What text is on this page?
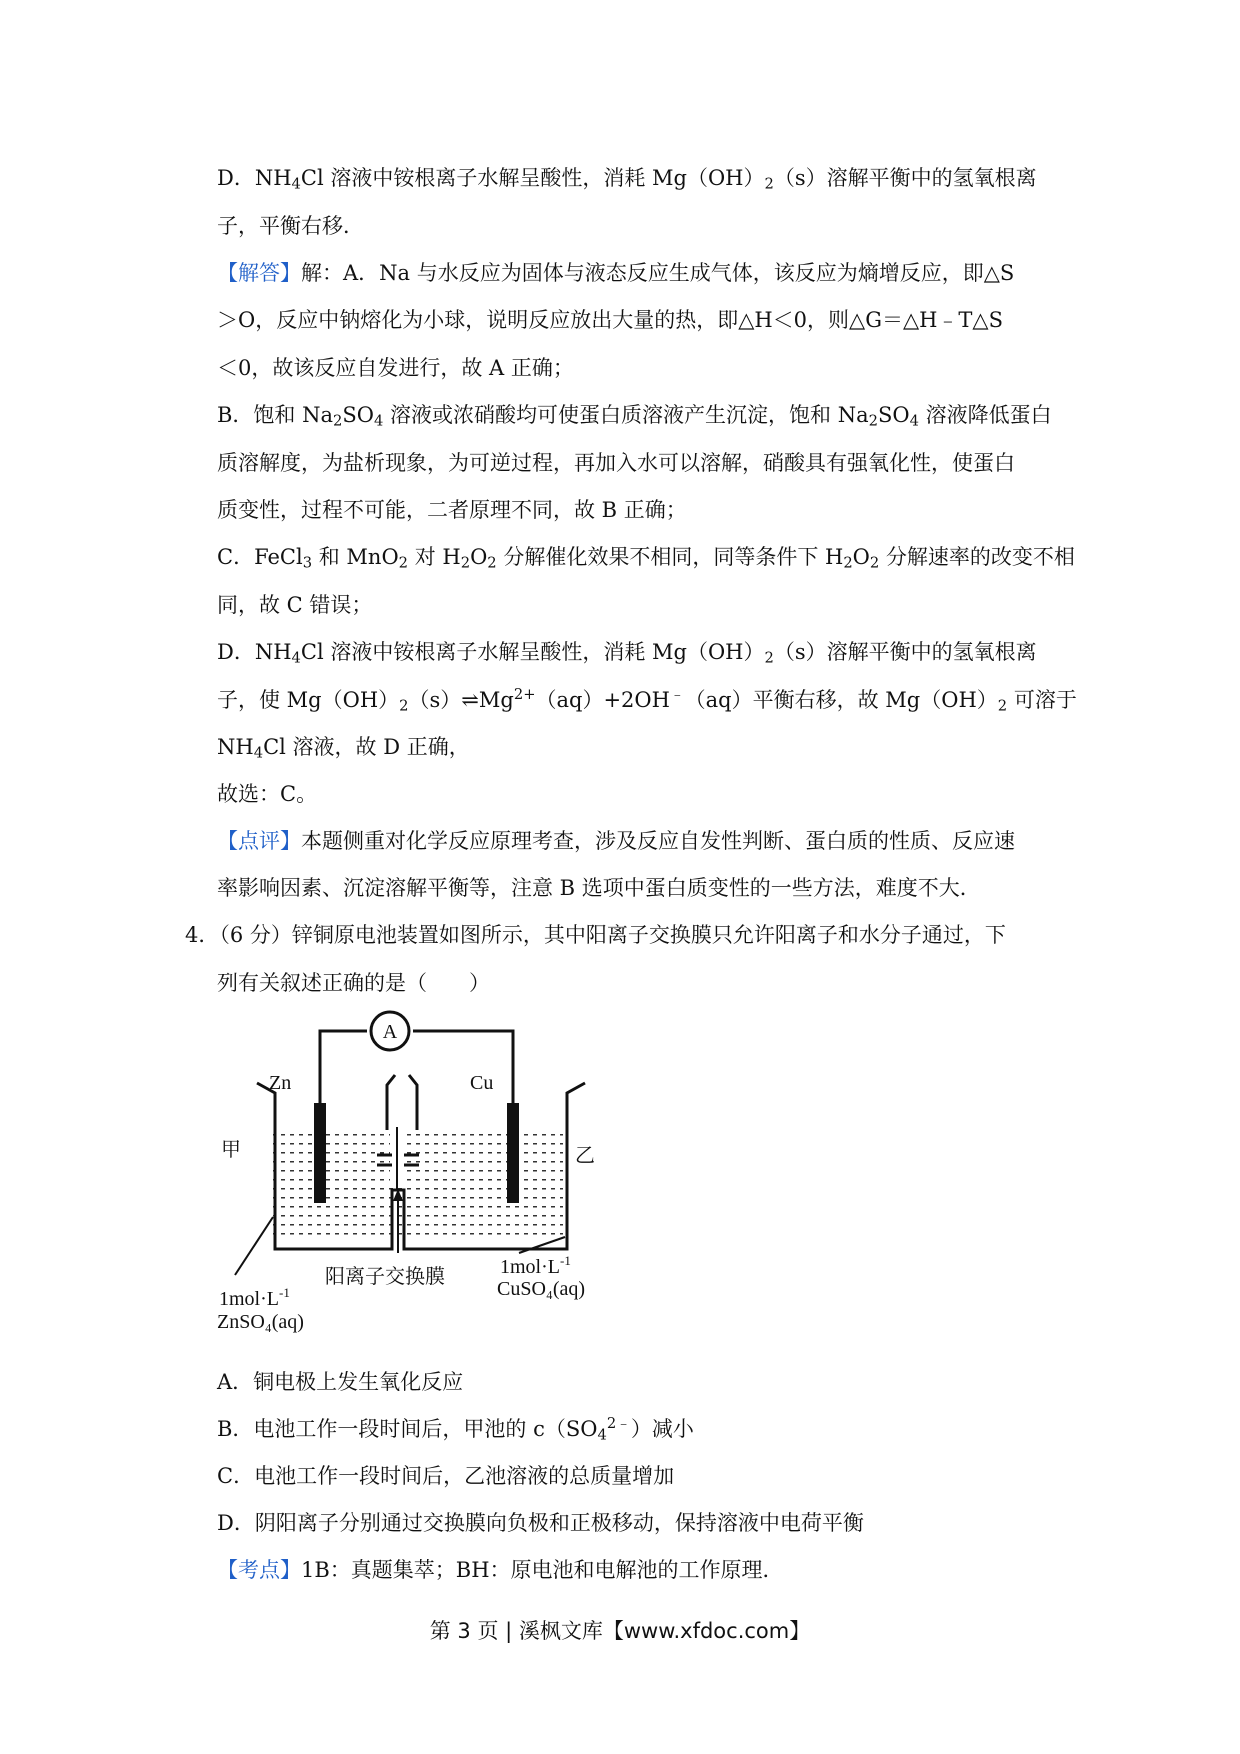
D．$NH_4Cl$ 溶液中铵根离子水解呈酸性，消耗 $Mg(OH)_2(s)$溶解平衡中的氢氧根离
子，平衡右移．
【解答】解：A．Na 与水反应为固体与液态反应生成气体，该反应为熵增反应，即△S
＞O，反应中钠熔化为小球，说明反应放出大量的热，即△H＜0，则△G＝△H﹣T△S
＜0，故该反应自发进行，故 A 正确；
B．饱和 $Na_2SO_4$ 溶液或浓硝酸均可使蛋白质溶液产生沉淀，饱和 $Na_2SO_4$ 溶液降低蛋白
质溶解度，为盐析现象，为可逆过程，再加入水可以溶解，硝酸具有强氧化性，使蛋白
质变性，过程不可能，二者原理不同，故 B 正确；
C．FeCl$_3$ 和 MnO$_2$ 对 $H_2O_2$ 分解催化效果不相同，同等条件下 $H_2O_2$ 分解速率的改变不相
同，故 C 错误；
D．$NH_4Cl$ 溶液中铵根离子水解呈酸性，消耗 $Mg(OH)_2(s)$溶解平衡中的氢氧根离
子，使 $Mg(OH)_2(s)\rightleftharpoons Mg^{2+}(aq)+2OH^﹣(aq)$平衡右移，故 $Mg(OH)_2$ 可溶于
$NH_4Cl$ 溶液，故 D 正确，
故选：C。
【点评】本题侧重对化学反应原理考查，涉及反应自发性判断、蛋白质的性质、反应速
率影响因素、沉淀溶解平衡等，注意 B 选项中蛋白质变性的一些方法，难度不大．
4．（6 分）锌铜原电池装置如图所示，其中阳离子交换膜只允许阳离子和水分子通过，下
列有关叙述正确的是（　　）
A
Zn	Cu
甲	乙
阳离子交换膜
$1mol\cdot L^{-1}$
ZnSO₄(aq)
$1mol\cdot L^{-1}$
CuSO₄(aq)
A．铜电极上发生氧化反应
B．电池工作一段时间后，甲池的 $c(SO_4^{2﹣})$减小
C．电池工作一段时间后，乙池溶液的总质量增加
D．阴阳离子分别通过交换膜向负极和正极移动，保持溶液中电荷平衡
【考点】1B：真题集萃；BH：原电池和电解池的工作原理．
第 3 页 | 溪枫文库【www.xfdoc.com】
